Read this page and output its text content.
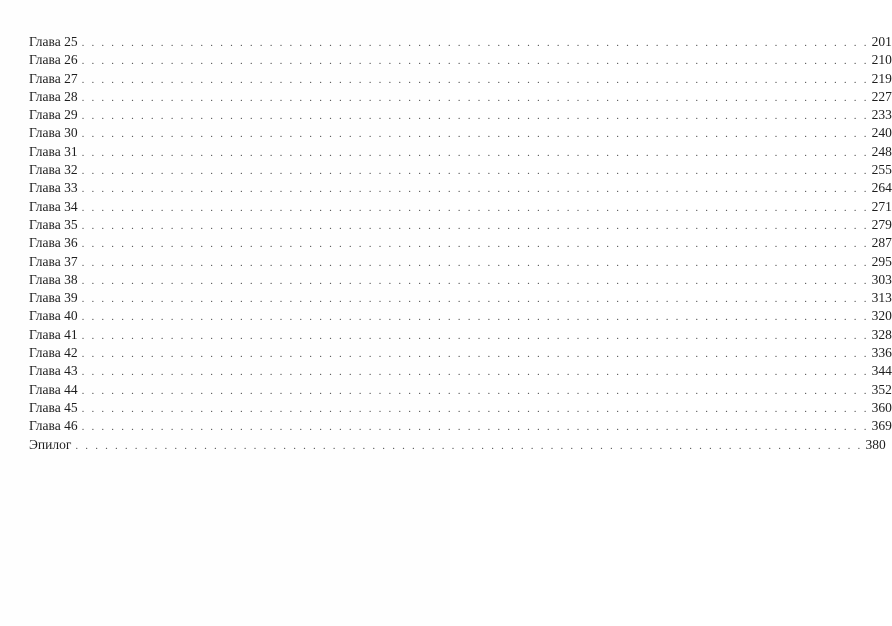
Глава 25 . . . . . . . . . . . . . . . . . . . . . . . . . . . . . . . . . . . . . . . . . . . . . . . . . . . . . . . . . . . . . . . . . . . . . . . . . . . . . . . . 201
Глава 26 . . . . . . . . . . . . . . . . . . . . . . . . . . . . . . . . . . . . . . . . . . . . . . . . . . . . . . . . . . . . . . . . . . . . . . . . . . . . . . . . 210
Глава 27 . . . . . . . . . . . . . . . . . . . . . . . . . . . . . . . . . . . . . . . . . . . . . . . . . . . . . . . . . . . . . . . . . . . . . . . . . . . . . . . . 219
Глава 28 . . . . . . . . . . . . . . . . . . . . . . . . . . . . . . . . . . . . . . . . . . . . . . . . . . . . . . . . . . . . . . . . . . . . . . . . . . . . . . . . 227
Глава 29 . . . . . . . . . . . . . . . . . . . . . . . . . . . . . . . . . . . . . . . . . . . . . . . . . . . . . . . . . . . . . . . . . . . . . . . . . . . . . . . . 233
Глава 30 . . . . . . . . . . . . . . . . . . . . . . . . . . . . . . . . . . . . . . . . . . . . . . . . . . . . . . . . . . . . . . . . . . . . . . . . . . . . . . . . 240
Глава 31 . . . . . . . . . . . . . . . . . . . . . . . . . . . . . . . . . . . . . . . . . . . . . . . . . . . . . . . . . . . . . . . . . . . . . . . . . . . . . . . . 248
Глава 32 . . . . . . . . . . . . . . . . . . . . . . . . . . . . . . . . . . . . . . . . . . . . . . . . . . . . . . . . . . . . . . . . . . . . . . . . . . . . . . . . 255
Глава 33 . . . . . . . . . . . . . . . . . . . . . . . . . . . . . . . . . . . . . . . . . . . . . . . . . . . . . . . . . . . . . . . . . . . . . . . . . . . . . . . . 264
Глава 34 . . . . . . . . . . . . . . . . . . . . . . . . . . . . . . . . . . . . . . . . . . . . . . . . . . . . . . . . . . . . . . . . . . . . . . . . . . . . . . . . 271
Глава 35 . . . . . . . . . . . . . . . . . . . . . . . . . . . . . . . . . . . . . . . . . . . . . . . . . . . . . . . . . . . . . . . . . . . . . . . . . . . . . . . . 279
Глава 36 . . . . . . . . . . . . . . . . . . . . . . . . . . . . . . . . . . . . . . . . . . . . . . . . . . . . . . . . . . . . . . . . . . . . . . . . . . . . . . . . 287
Глава 37 . . . . . . . . . . . . . . . . . . . . . . . . . . . . . . . . . . . . . . . . . . . . . . . . . . . . . . . . . . . . . . . . . . . . . . . . . . . . . . . . 295
Глава 38 . . . . . . . . . . . . . . . . . . . . . . . . . . . . . . . . . . . . . . . . . . . . . . . . . . . . . . . . . . . . . . . . . . . . . . . . . . . . . . . . 303
Глава 39 . . . . . . . . . . . . . . . . . . . . . . . . . . . . . . . . . . . . . . . . . . . . . . . . . . . . . . . . . . . . . . . . . . . . . . . . . . . . . . . . 313
Глава 40 . . . . . . . . . . . . . . . . . . . . . . . . . . . . . . . . . . . . . . . . . . . . . . . . . . . . . . . . . . . . . . . . . . . . . . . . . . . . . . . . 320
Глава 41 . . . . . . . . . . . . . . . . . . . . . . . . . . . . . . . . . . . . . . . . . . . . . . . . . . . . . . . . . . . . . . . . . . . . . . . . . . . . . . . . 328
Глава 42 . . . . . . . . . . . . . . . . . . . . . . . . . . . . . . . . . . . . . . . . . . . . . . . . . . . . . . . . . . . . . . . . . . . . . . . . . . . . . . . . 336
Глава 43 . . . . . . . . . . . . . . . . . . . . . . . . . . . . . . . . . . . . . . . . . . . . . . . . . . . . . . . . . . . . . . . . . . . . . . . . . . . . . . . . 344
Глава 44 . . . . . . . . . . . . . . . . . . . . . . . . . . . . . . . . . . . . . . . . . . . . . . . . . . . . . . . . . . . . . . . . . . . . . . . . . . . . . . . . 352
Глава 45 . . . . . . . . . . . . . . . . . . . . . . . . . . . . . . . . . . . . . . . . . . . . . . . . . . . . . . . . . . . . . . . . . . . . . . . . . . . . . . . . 360
Глава 46 . . . . . . . . . . . . . . . . . . . . . . . . . . . . . . . . . . . . . . . . . . . . . . . . . . . . . . . . . . . . . . . . . . . . . . . . . . . . . . . . 369
Эпилог . . . . . . . . . . . . . . . . . . . . . . . . . . . . . . . . . . . . . . . . . . . . . . . . . . . . . . . . . . . . . . . . . . . . . . . . . . . . . . . . 380
